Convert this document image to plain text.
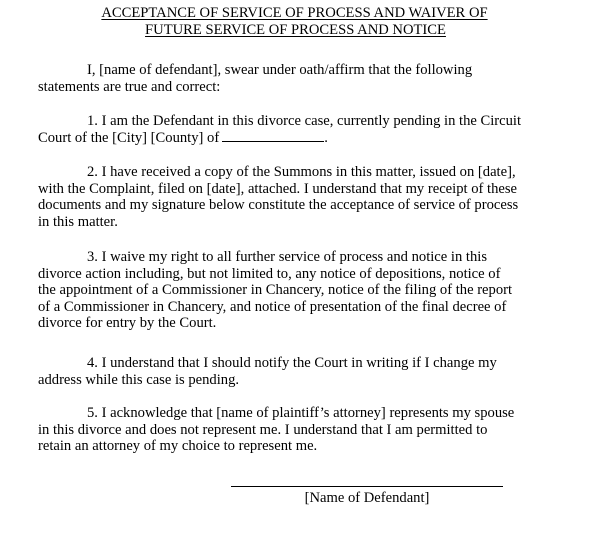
ACCEPTANCE OF SERVICE OF PROCESS AND WAIVER OF
FUTURE SERVICE OF PROCESS AND NOTICE
I, [name of defendant], swear under oath/affirm that the following
statements are true and correct:
1. I am the Defendant in this divorce case, currently pending in the Circuit
Court of the [City] [County] of	.
2. I have received a copy of the Summons in this matter, issued on [date],
with the Complaint, filed on [date], attached. I understand that my receipt of these
documents and my signature below constitute the acceptance of service of process
in this matter.
3. I waive my right to all further service of process and notice in this
divorce action including, but not limited to, any notice of depositions, notice of
the appointment of a Commissioner in Chancery, notice of the filing of the report
of a Commissioner in Chancery, and notice of presentation of the final decree of
divorce for entry by the Court.
4. I understand that I should notify the Court in writing if I change my
address while this case is pending.
5. I acknowledge that [name of plaintiff’s attorney] represents my spouse
in this divorce and does not represent me. I understand that I am permitted to
retain an attorney of my choice to represent me.
[Name of Defendant]
